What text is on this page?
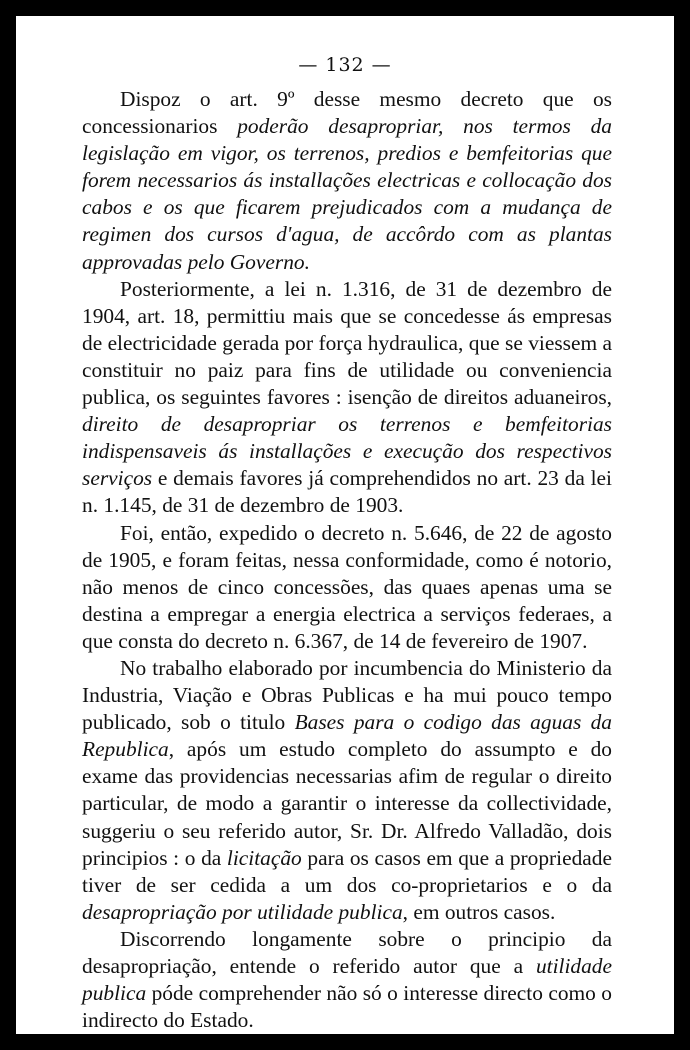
— 132 —

Dispoz o art. 9º desse mesmo decreto que os concessionarios poderão desapropriar, nos termos da legislação em vigor, os terrenos, predios e bemfeitorias que forem necessarios ás installações electricas e collocação dos cabos e os que ficarem prejudicados com a mudança de regimen dos cursos d'agua, de accôrdo com as plantas approvadas pelo Governo.

Posteriormente, a lei n. 1.316, de 31 de dezembro de 1904, art. 18, permittiu mais que se concedesse ás empresas de electricidade gerada por força hydraulica, que se viessem a constituir no paiz para fins de utilidade ou conveniencia publica, os seguintes favores : isenção de direitos aduaneiros, direito de desapropriar os terrenos e bemfeitorias indispensaveis ás installações e execução dos respectivos serviços e demais favores já comprehendidos no art. 23 da lei n. 1.145, de 31 de dezembro de 1903.

Foi, então, expedido o decreto n. 5.646, de 22 de agosto de 1905, e foram feitas, nessa conformidade, como é notorio, não menos de cinco concessões, das quaes apenas uma se destina a empregar a energia electrica a serviços federaes, a que consta do decreto n. 6.367, de 14 de fevereiro de 1907.

No trabalho elaborado por incumbencia do Ministerio da Industria, Viação e Obras Publicas e ha mui pouco tempo publicado, sob o titulo Bases para o codigo das aguas da Republica, após um estudo completo do assumpto e do exame das providencias necessarias afim de regular o direito particular, de modo a garantir o interesse da collectividade, suggeriu o seu referido autor, Sr. Dr. Alfredo Valladão, dois principios : o da licitação para os casos em que a propriedade tiver de ser cedida a um dos co-proprietarios e o da desapropriação por utilidade publica, em outros casos.

Discorrendo longamente sobre o principio da desapropriação, entende o referido autor que a utilidade publica póde comprehender não só o interesse directo como o indirecto do Estado.
